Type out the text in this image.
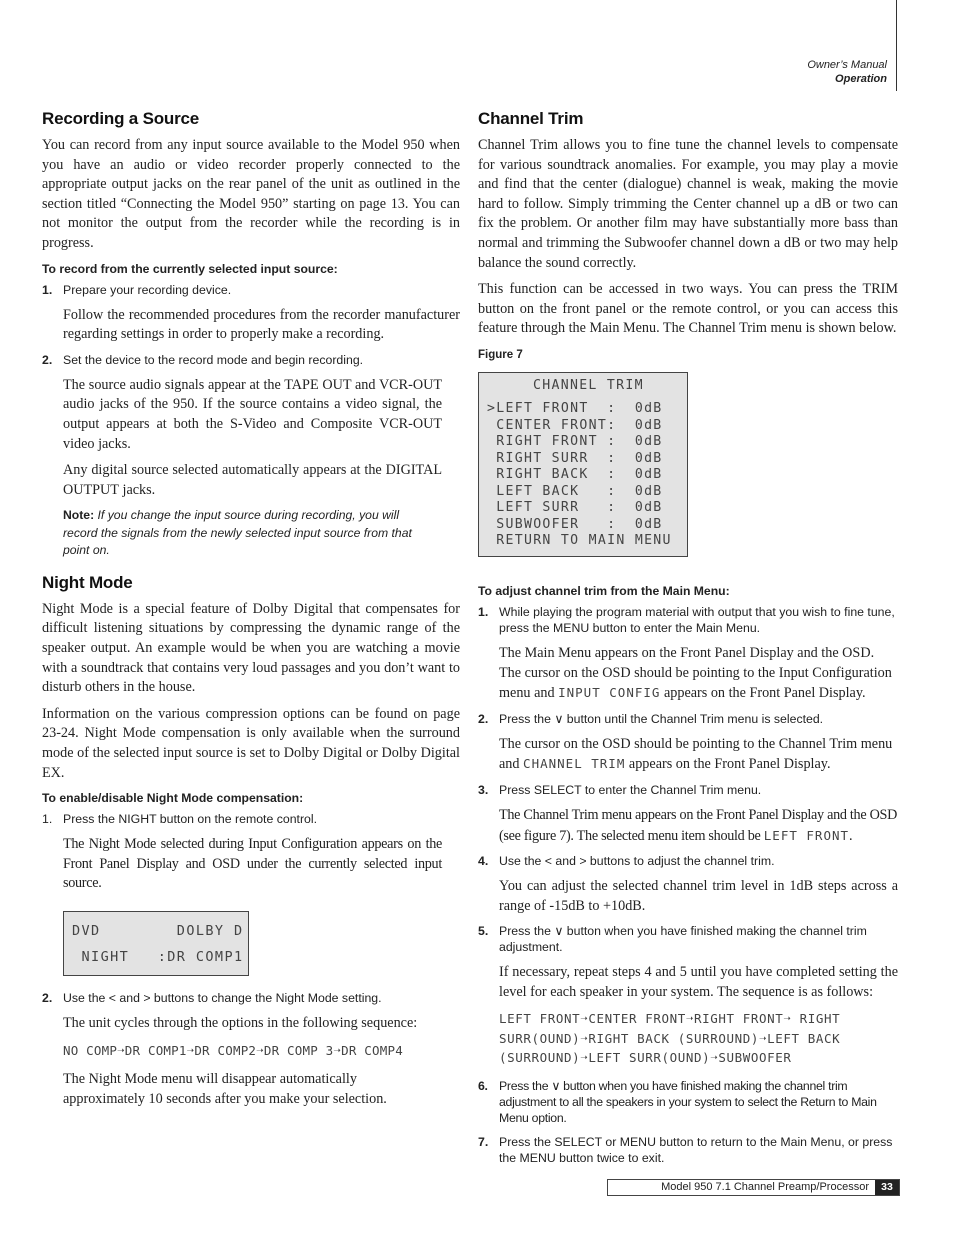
Owner’s Manual
Operation
Recording a Source

You can record from any input source available to the Model 950 when you have an audio or video recorder properly connected to the appropriate output jacks on the rear panel of the unit as outlined in the section titled “Connecting the Model 950” starting on page 13. You can not monitor the output from the recorder while the recording is in progress.

To record from the currently selected input source:
1. Prepare your recording device.

Follow the recommended procedures from the recorder manufacturer regarding settings in order to properly make a recording.

2. Set the device to the record mode and begin recording.

The source audio signals appear at the TAPE OUT and VCR-OUT audio jacks of the 950. If the source contains a video signal, the output appears at both the S-Video and Composite VCR-OUT video jacks.

Any digital source selected automatically appears at the DIGITAL OUTPUT jacks.

Note: If you change the input source during recording, you will record the signals from the newly selected input source from that point on.
Night Mode

Night Mode is a special feature of Dolby Digital that compensates for difficult listening situations by compressing the dynamic range of the speaker output. An example would be when you are watching a movie with a soundtrack that contains very loud passages and you don’t want to disturb others in the house.

Information on the various compression options can be found on page 23-24. Night Mode compensation is only available when the surround mode of the selected input source is set to Dolby Digital or Dolby Digital EX.

To enable/disable Night Mode compensation:
1. Press the NIGHT button on the remote control.

The Night Mode selected during Input Configuration appears on the Front Panel Display and OSD under the currently selected input source.

DVD        DOLBY D
NIGHT   :DR COMP1
2. Use the < and > buttons to change the Night Mode setting.

The unit cycles through the options in the following sequence:

NO COMP➝DR COMP1➝DR COMP2➝DR COMP 3➝DR COMP4

The Night Mode menu will disappear automatically approximately 10 seconds after you make your selection.

Channel Trim

Channel Trim allows you to fine tune the channel levels to compensate for various soundtrack anomalies. For example, you may play a movie and find that the center (dialogue) channel is weak, making the movie hard to follow. Simply trimming the Center channel up a dB or two can fix the problem. Or another film may have substantially more bass than normal and trimming the Subwoofer channel down a dB or two may help balance the sound correctly.

This function can be accessed in two ways. You can press the TRIM button on the front panel or the remote control, or you can access this feature through the Main Menu. The Channel Trim menu is shown below.

Figure 7
CHANNEL TRIM
>LEFT FRONT  :  0dB
CENTER FRONT:  0dB
RIGHT FRONT :  0dB
RIGHT SURR  :  0dB
RIGHT BACK  :  0dB
LEFT BACK   :  0dB
LEFT SURR   :  0dB
SUBWOOFER   :  0dB
RETURN TO MAIN MENU
To adjust channel trim from the Main Menu:
1. While playing the program material with output that you wish to fine tune, press the MENU button to enter the Main Menu.

The Main Menu appears on the Front Panel Display and the OSD. The cursor on the OSD should be pointing to the Input Configuration menu and INPUT CONFIG appears on the Front Panel Display.

2. Press the ∨ button until the Channel Trim menu is selected.

The cursor on the OSD should be pointing to the Channel Trim menu and CHANNEL TRIM appears on the Front Panel Display.

3. Press SELECT to enter the Channel Trim menu.

The Channel Trim menu appears on the Front Panel Display and the OSD (see figure 7). The selected menu item should be LEFT FRONT.

4. Use the < and > buttons to adjust the channel trim.

You can adjust the selected channel trim level in 1dB steps across a range of -15dB to +10dB.

5. Press the ∨ button when you have finished making the channel trim adjustment.

If necessary, repeat steps 4 and 5 until you have completed setting the level for each speaker in your system. The sequence is as follows:

LEFT FRONT➝CENTER FRONT➝RIGHT FRONT➝ RIGHT SURR(OUND)➝RIGHT BACK (SURROUND)➝LEFT BACK (SURROUND)➝LEFT SURR(OUND)➝SUBWOOFER
6. Press the ∨ button when you have finished making the channel trim adjustment to all the speakers in your system to select the Return to Main Menu option.
7. Press the SELECT or MENU button to return to the Main Menu, or press the MENU button twice to exit.
Model 950 7.1 Channel Preamp/Processor	33
